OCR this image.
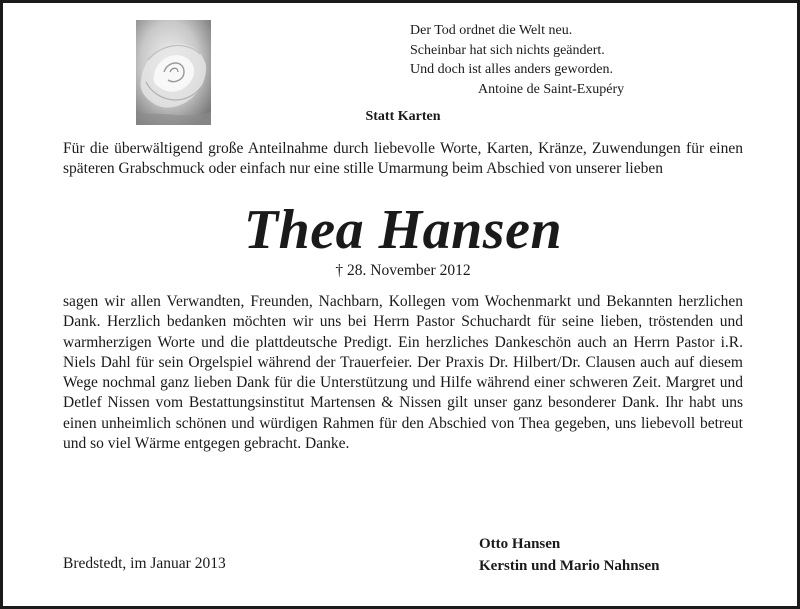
Der Tod ordnet die Welt neu.
Scheinbar hat sich nichts geändert.
Und doch ist alles anders geworden.
Antoine de Saint-Exupéry
Statt Karten
Für die überwältigend große Anteilnahme durch liebevolle Worte, Karten, Kränze, Zuwendungen für einen späteren Grabschmuck oder einfach nur eine stille Umarmung beim Abschied von unserer lieben
Thea Hansen
† 28. November 2012
sagen wir allen Verwandten, Freunden, Nachbarn, Kollegen vom Wochenmarkt und Bekannten herzlichen Dank. Herzlich bedanken möchten wir uns bei Herrn Pastor Schuchardt für seine lieben, tröstenden und warmherzigen Worte und die plattdeutsche Predigt. Ein herzliches Dankeschön auch an Herrn Pastor i.R. Niels Dahl für sein Orgelspiel während der Trauerfeier. Der Praxis Dr. Hilbert/Dr. Clausen auch auf diesem Wege nochmal ganz lieben Dank für die Unterstützung und Hilfe während einer schweren Zeit. Margret und Detlef Nissen vom Bestattungsinstitut Martensen & Nissen gilt unser ganz besonderer Dank. Ihr habt uns einen unheimlich schönen und würdigen Rahmen für den Abschied von Thea gegeben, uns liebevoll betreut und so viel Wärme entgegen gebracht. Danke.
Bredstedt, im Januar 2013
Otto Hansen
Kerstin und Mario Nahnsen
